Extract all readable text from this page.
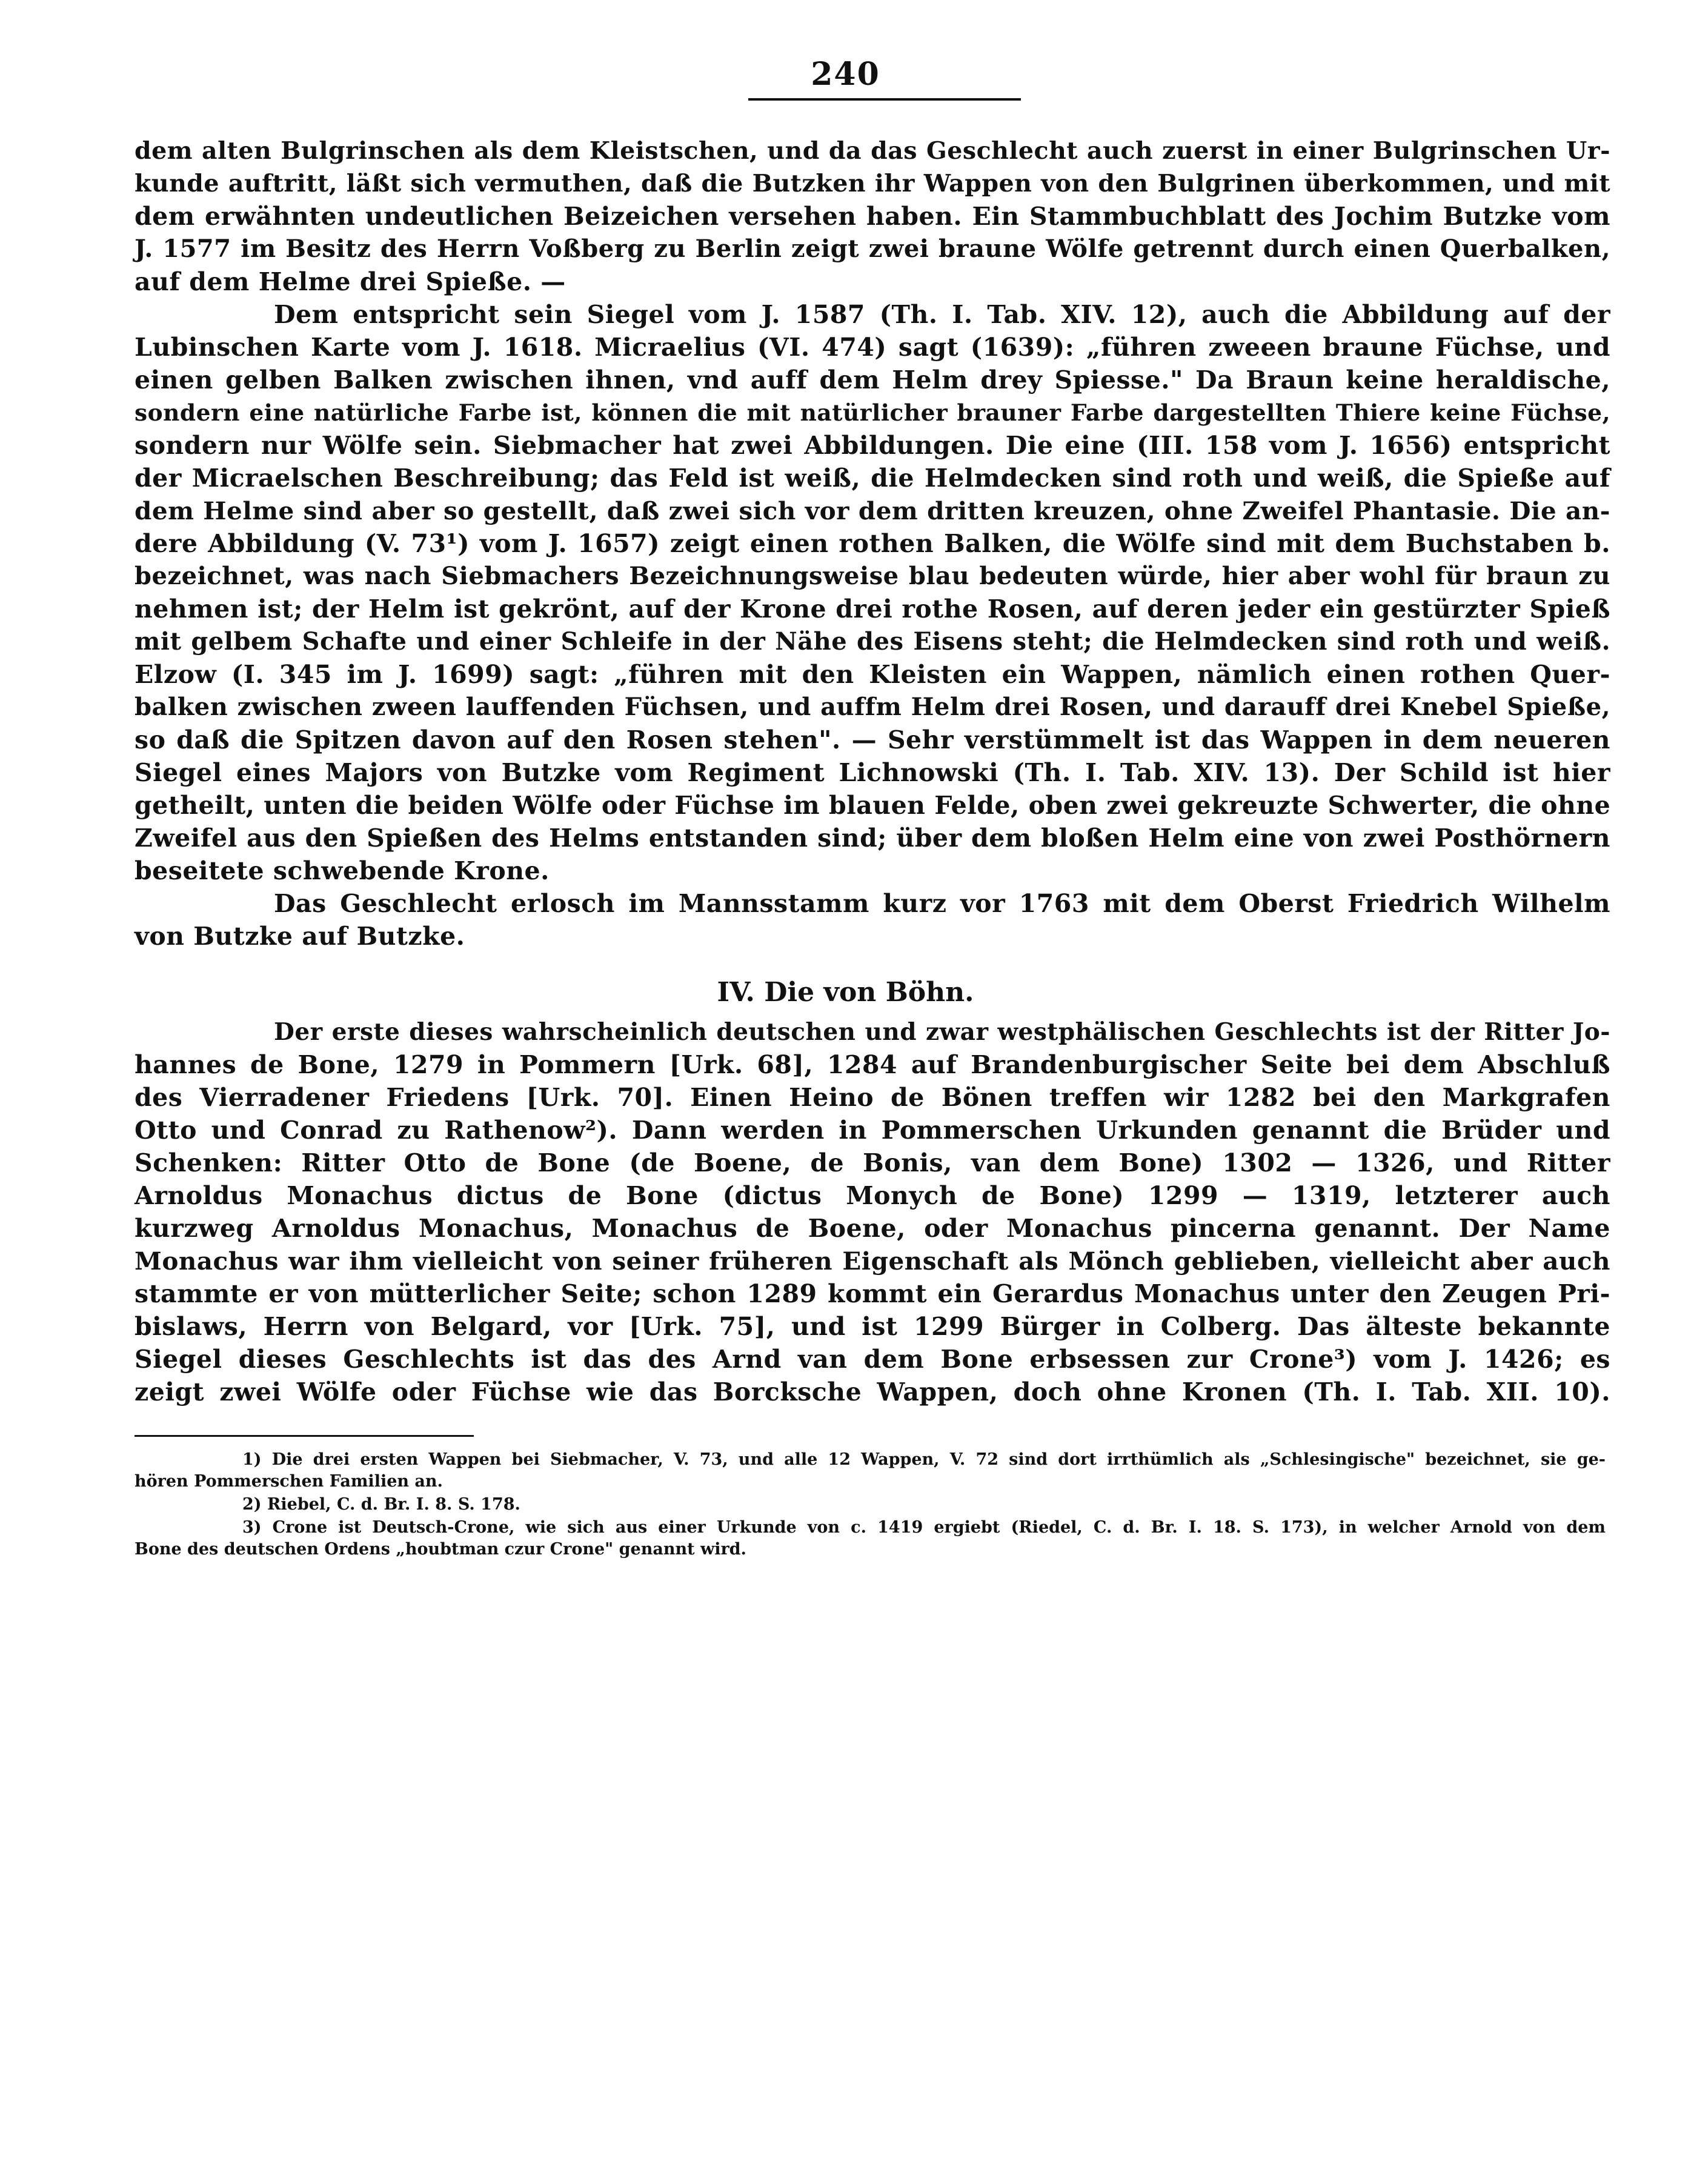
240
dem alten Bulgrinschen als dem Kleistschen, und da das Geschlecht auch zuerst in einer Bulgrinschen Ur-
kunde auftritt, läßt sich vermuthen, daß die Butzken ihr Wappen von den Bulgrinen überkommen, und mit
dem erwähnten undeutlichen Beizeichen versehen haben. Ein Stammbuchblatt des Jochim Butzke vom
J. 1577 im Besitz des Herrn Voßberg zu Berlin zeigt zwei braune Wölfe getrennt durch einen Querbalken,
auf dem Helme drei Spieße. —
Dem entspricht sein Siegel vom J. 1587 (Th. I. Tab. XIV. 12), auch die Abbildung auf der
Lubinschen Karte vom J. 1618. Micraelius (VI. 474) sagt (1639): „führen zweeen braune Füchse, und
einen gelben Balken zwischen ihnen, vnd auff dem Helm drey Spiesse." Da Braun keine heraldische,
sondern eine natürliche Farbe ist, können die mit natürlicher brauner Farbe dargestellten Thiere keine Füchse,
sondern nur Wölfe sein. Siebmacher hat zwei Abbildungen. Die eine (III. 158 vom J. 1656) entspricht
der Micraelschen Beschreibung; das Feld ist weiß, die Helmdecken sind roth und weiß, die Spieße auf
dem Helme sind aber so gestellt, daß zwei sich vor dem dritten kreuzen, ohne Zweifel Phantasie. Die an-
dere Abbildung (V. 73¹) vom J. 1657) zeigt einen rothen Balken, die Wölfe sind mit dem Buchstaben b.
bezeichnet, was nach Siebmachers Bezeichnungsweise blau bedeuten würde, hier aber wohl für braun zu
nehmen ist; der Helm ist gekrönt, auf der Krone drei rothe Rosen, auf deren jeder ein gestürzter Spieß
mit gelbem Schafte und einer Schleife in der Nähe des Eisens steht; die Helmdecken sind roth und weiß.
Elzow (I. 345 im J. 1699) sagt: „führen mit den Kleisten ein Wappen, nämlich einen rothen Quer-
balken zwischen zween lauffenden Füchsen, und auffm Helm drei Rosen, und darauff drei Knebel Spieße,
so daß die Spitzen davon auf den Rosen stehen". — Sehr verstümmelt ist das Wappen in dem neueren
Siegel eines Majors von Butzke vom Regiment Lichnowski (Th. I. Tab. XIV. 13). Der Schild ist hier
getheilt, unten die beiden Wölfe oder Füchse im blauen Felde, oben zwei gekreuzte Schwerter, die ohne
Zweifel aus den Spießen des Helms entstanden sind; über dem bloßen Helm eine von zwei Posthörnern
beseitete schwebende Krone.
Das Geschlecht erlosch im Mannsstamm kurz vor 1763 mit dem Oberst Friedrich Wilhelm
von Butzke auf Butzke.
IV. Die von Böhn.
Der erste dieses wahrscheinlich deutschen und zwar westphälischen Geschlechts ist der Ritter Jo-
hannes de Bone, 1279 in Pommern [Urk. 68], 1284 auf Brandenburgischer Seite bei dem Abschluß
des Vierradener Friedens [Urk. 70]. Einen Heino de Bönen treffen wir 1282 bei den Markgrafen
Otto und Conrad zu Rathenow²). Dann werden in Pommerschen Urkunden genannt die Brüder und
Schenken: Ritter Otto de Bone (de Boene, de Bonis, van dem Bone) 1302 — 1326, und Ritter
Arnoldus Monachus dictus de Bone (dictus Monych de Bone) 1299 — 1319, letzterer auch
kurzweg Arnoldus Monachus, Monachus de Boene, oder Monachus pincerna genannt. Der Name
Monachus war ihm vielleicht von seiner früheren Eigenschaft als Mönch geblieben, vielleicht aber auch
stammte er von mütterlicher Seite; schon 1289 kommt ein Gerardus Monachus unter den Zeugen Pri-
bislaws, Herrn von Belgard, vor [Urk. 75], und ist 1299 Bürger in Colberg. Das älteste bekannte
Siegel dieses Geschlechts ist das des Arnd van dem Bone erbsessen zur Crone³) vom J. 1426; es
zeigt zwei Wölfe oder Füchse wie das Borcksche Wappen, doch ohne Kronen (Th. I. Tab. XII. 10).
1) Die drei ersten Wappen bei Siebmacher, V. 73, und alle 12 Wappen, V. 72 sind dort irrthümlich als „Schlesingische" bezeichnet, sie ge-
hören Pommerschen Familien an.
2) Riebel, C. d. Br. I. 8. S. 178.
3) Crone ist Deutsch-Crone, wie sich aus einer Urkunde von c. 1419 ergiebt (Riedel, C. d. Br. I. 18. S. 173), in welcher Arnold von dem
Bone des deutschen Ordens „houbtman czur Crone" genannt wird.
